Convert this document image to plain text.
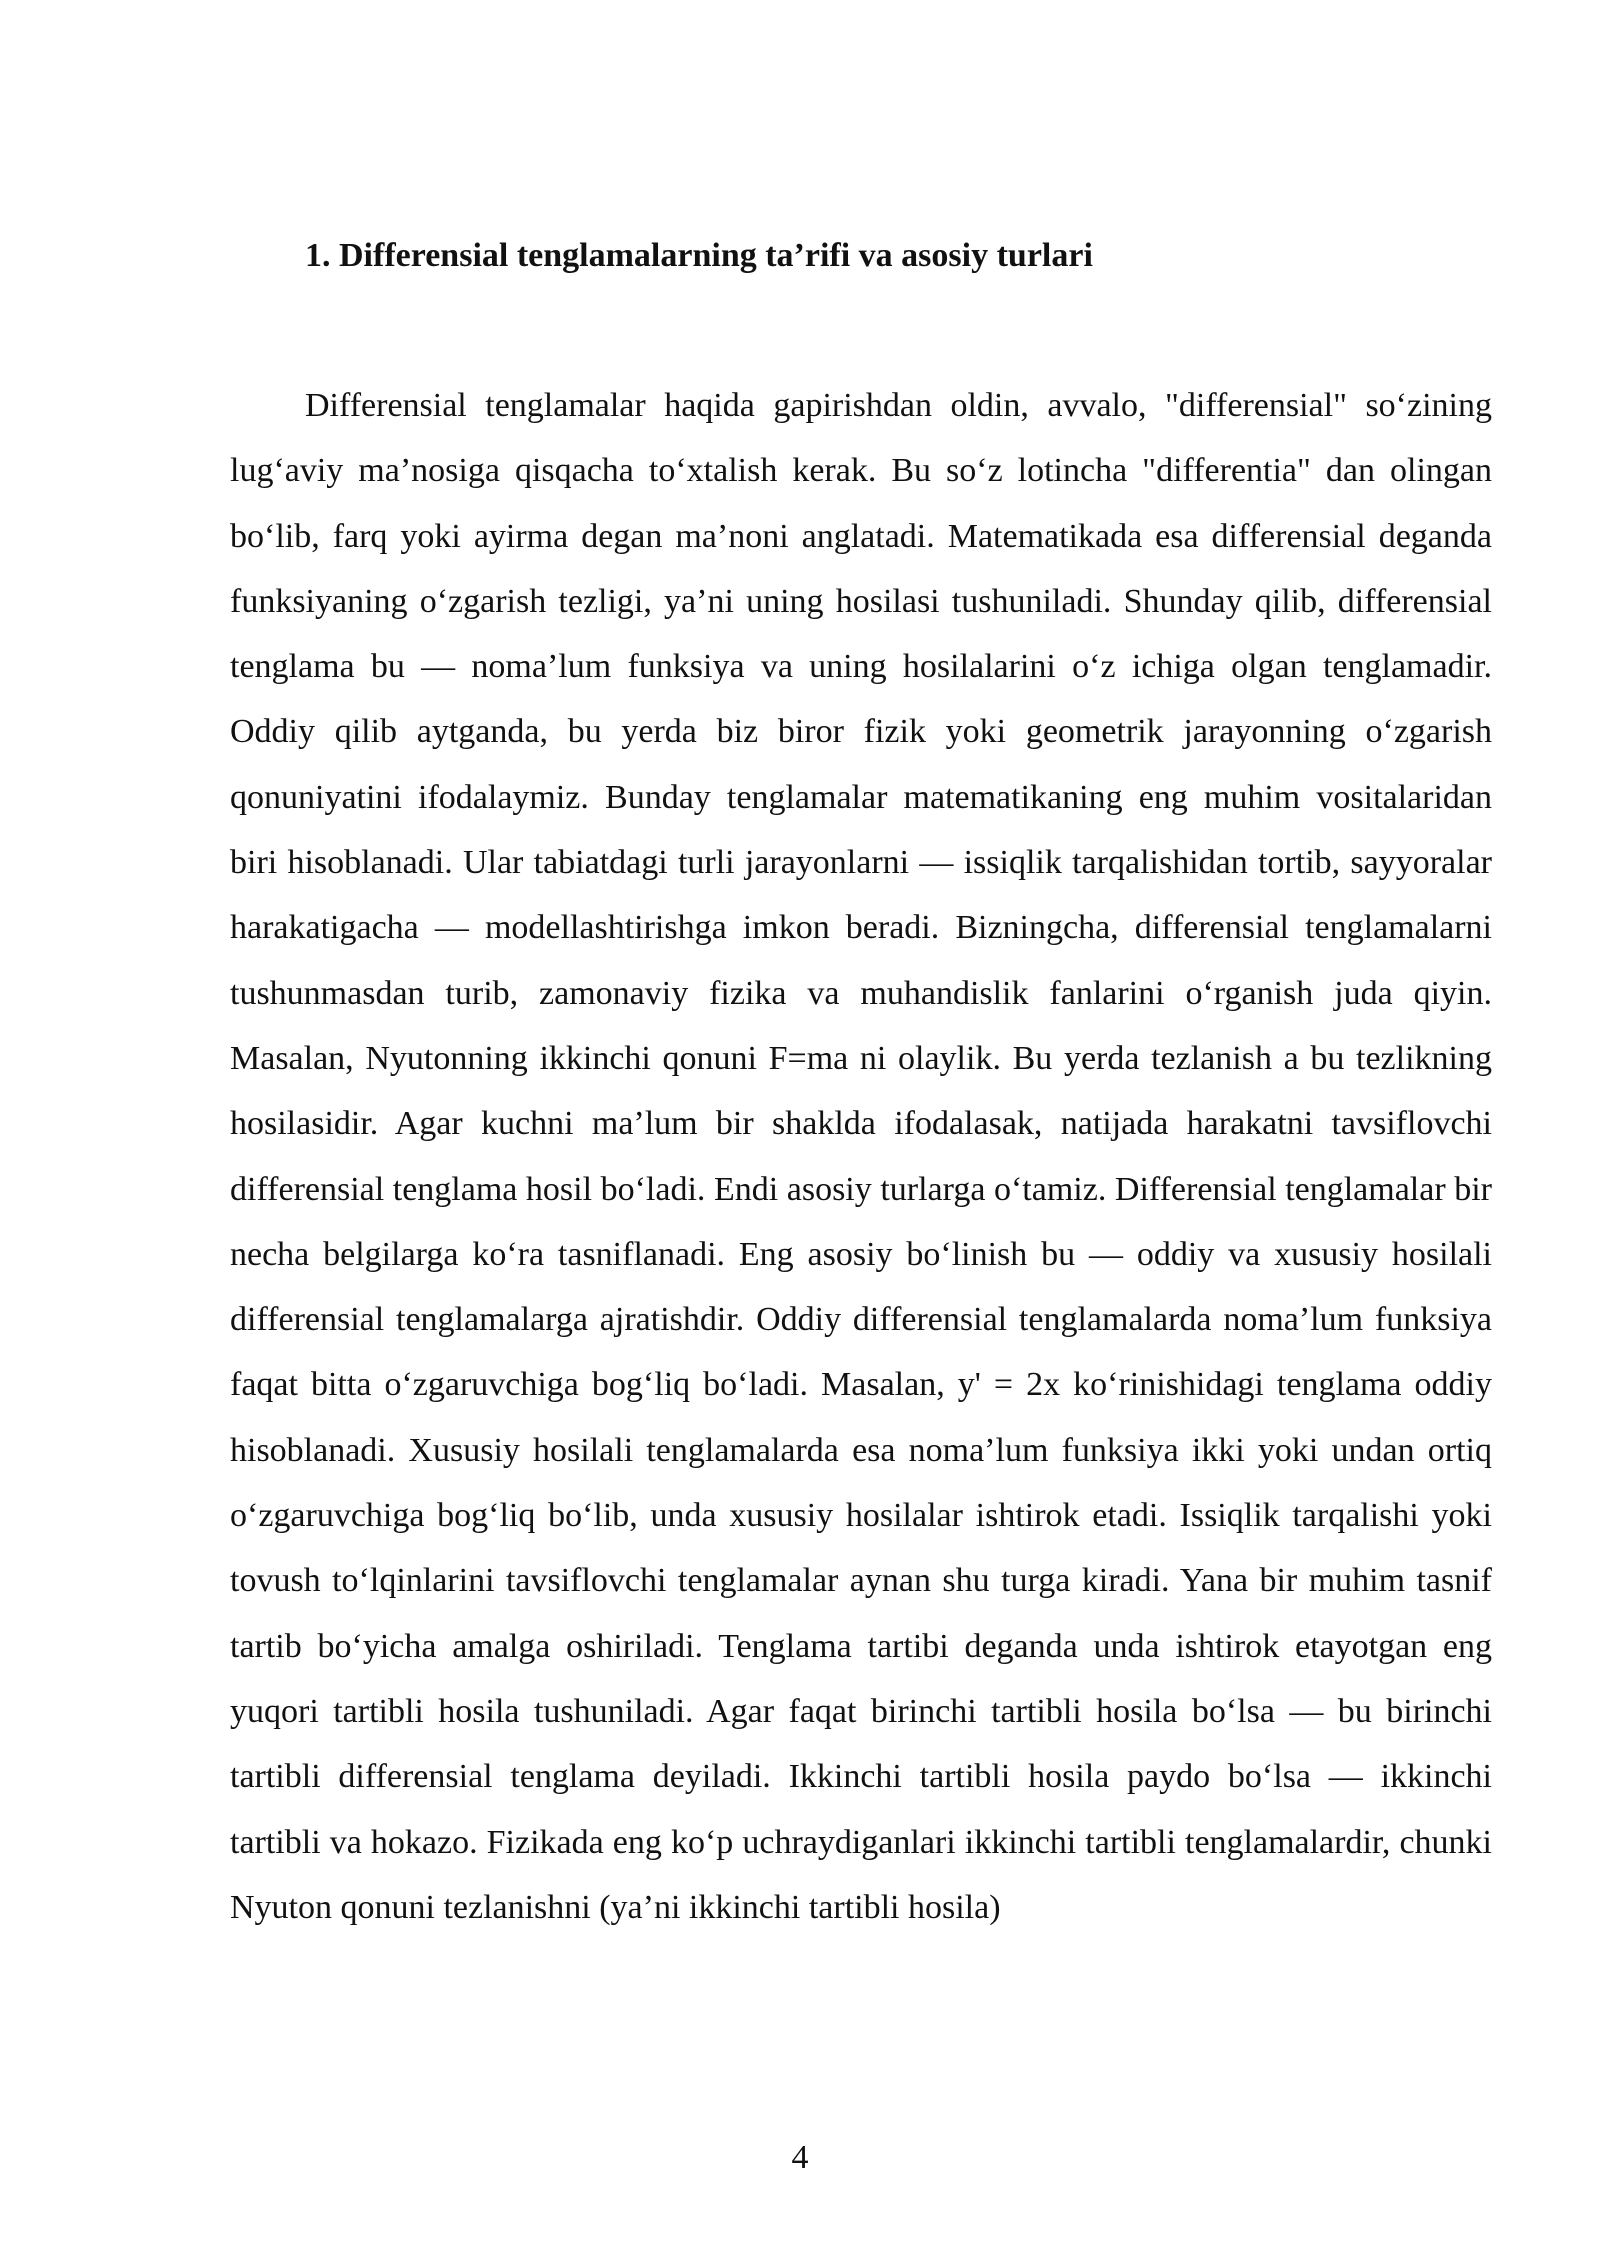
1. Differensial tenglamalarning ta’rifi va asosiy turlari

Differensial tenglamalar haqida gapirishdan oldin, avvalo, "differensial" so‘zining lug‘aviy ma’nosiga qisqacha to‘xtalish kerak. Bu so‘z lotincha "differentia" dan olingan bo‘lib, farq yoki ayirma degan ma’noni anglatadi. Matematikada esa differensial deganda funksiyaning o‘zgarish tezligi, ya’ni uning hosilasi tushuniladi. Shunday qilib, differensial tenglama bu — noma’lum funksiya va uning hosilalarini o‘z ichiga olgan tenglamadir. Oddiy qilib aytganda, bu yerda biz biror fizik yoki geometrik jarayonning o‘zgarish qonuniyatini ifodalaymiz. Bunday tenglamalar matematikaning eng muhim vositalaridan biri hisoblanadi. Ular tabiatdagi turli jarayonlarni — issiqlik tarqalishidan tortib, sayyoralar harakatigacha — modellashtirishga imkon beradi. Bizningcha, differensial tenglamalarni tushunmasdan turib, zamonaviy fizika va muhandislik fanlarini o‘rganish juda qiyin. Masalan, Nyutonning ikkinchi qonuni F=ma ni olaylik. Bu yerda tezlanish a bu tezlikning hosilasidir. Agar kuchni ma’lum bir shaklda ifodalasak, natijada harakatni tavsiflovchi differensial tenglama hosil bo‘ladi. Endi asosiy turlarga o‘tamiz. Differensial tenglamalar bir necha belgilarga ko‘ra tasniflanadi. Eng asosiy bo‘linish bu — oddiy va xususiy hosilali differensial tenglamalarga ajratishdir. Oddiy differensial tenglamalarda noma’lum funksiya faqat bitta o‘zgaruvchiga bog‘liq bo‘ladi. Masalan, y' = 2x ko‘rinishidagi tenglama oddiy hisoblanadi. Xususiy hosilali tenglamalarda esa noma’lum funksiya ikki yoki undan ortiq o‘zgaruvchiga bog‘liq bo‘lib, unda xususiy hosilalar ishtirok etadi. Issiqlik tarqalishi yoki tovush to‘lqinlarini tavsiflovchi tenglamalar aynan shu turga kiradi. Yana bir muhim tasnif tartib bo‘yicha amalga oshiriladi. Tenglama tartibi deganda unda ishtirok etayotgan eng yuqori tartibli hosila tushuniladi. Agar faqat birinchi tartibli hosila bo‘lsa — bu birinchi tartibli differensial tenglama deyiladi. Ikkinchi tartibli hosila paydo bo‘lsa — ikkinchi tartibli va hokazo. Fizikada eng ko‘p uchraydiganlari ikkinchi tartibli tenglamalardir, chunki Nyuton qonuni tezlanishni (ya’ni ikkinchi tartibli hosila)

4
